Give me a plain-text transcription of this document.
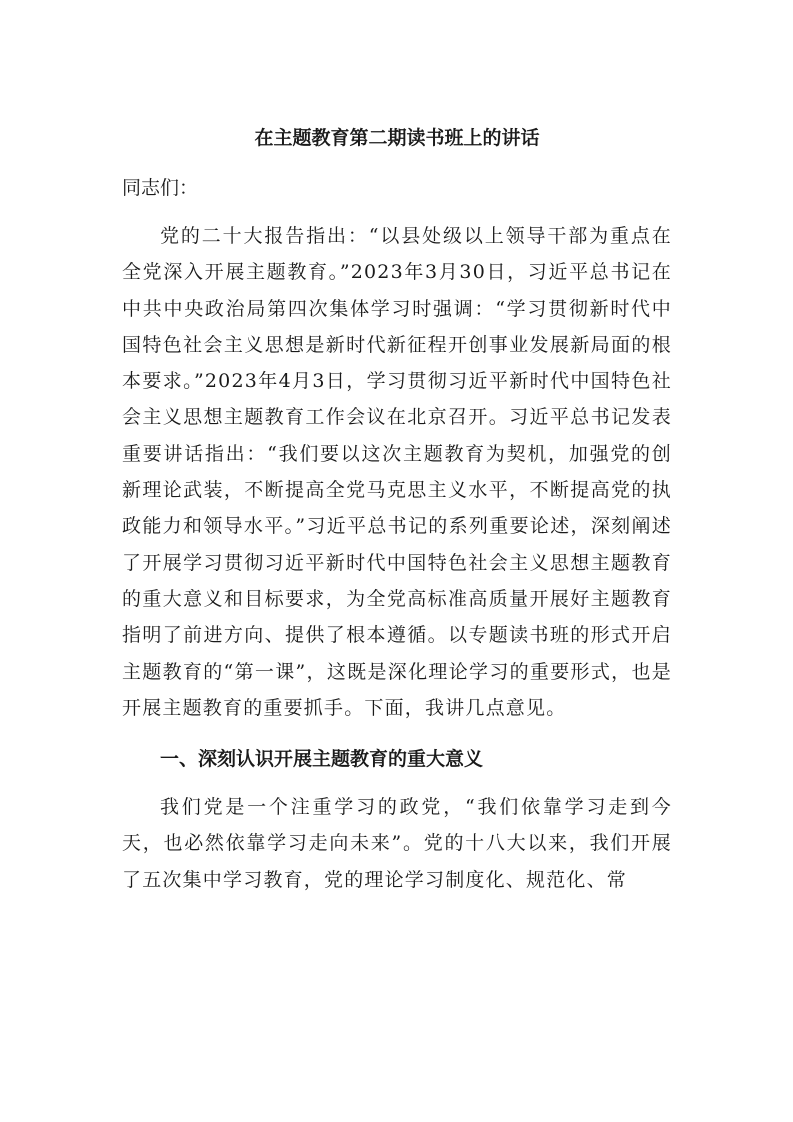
在主题教育第二期读书班上的讲话

同志们：

党的二十大报告指出：“以县处级以上领导干部为重点在全党深入开展主题教育。”2023年3月30日，习近平总书记在中共中央政治局第四次集体学习时强调：“学习贯彻新时代中国特色社会主义思想是新时代新征程开创事业发展新局面的根本要求。”2023年4月3日，学习贯彻习近平新时代中国特色社会主义思想主题教育工作会议在北京召开。习近平总书记发表重要讲话指出：“我们要以这次主题教育为契机，加强党的创新理论武装，不断提高全党马克思主义水平，不断提高党的执政能力和领导水平。”习近平总书记的系列重要论述，深刻阐述了开展学习贯彻习近平新时代中国特色社会主义思想主题教育的重大意义和目标要求，为全党高标准高质量开展好主题教育指明了前进方向、提供了根本遵循。以专题读书班的形式开启主题教育的“第一课”，这既是深化理论学习的重要形式，也是开展主题教育的重要抓手。下面，我讲几点意见。

一、深刻认识开展主题教育的重大意义

我们党是一个注重学习的政党，“我们依靠学习走到今天，也必然依靠学习走向未来”。党的十八大以来，我们开展了五次集中学习教育，党的理论学习制度化、规范化、常
